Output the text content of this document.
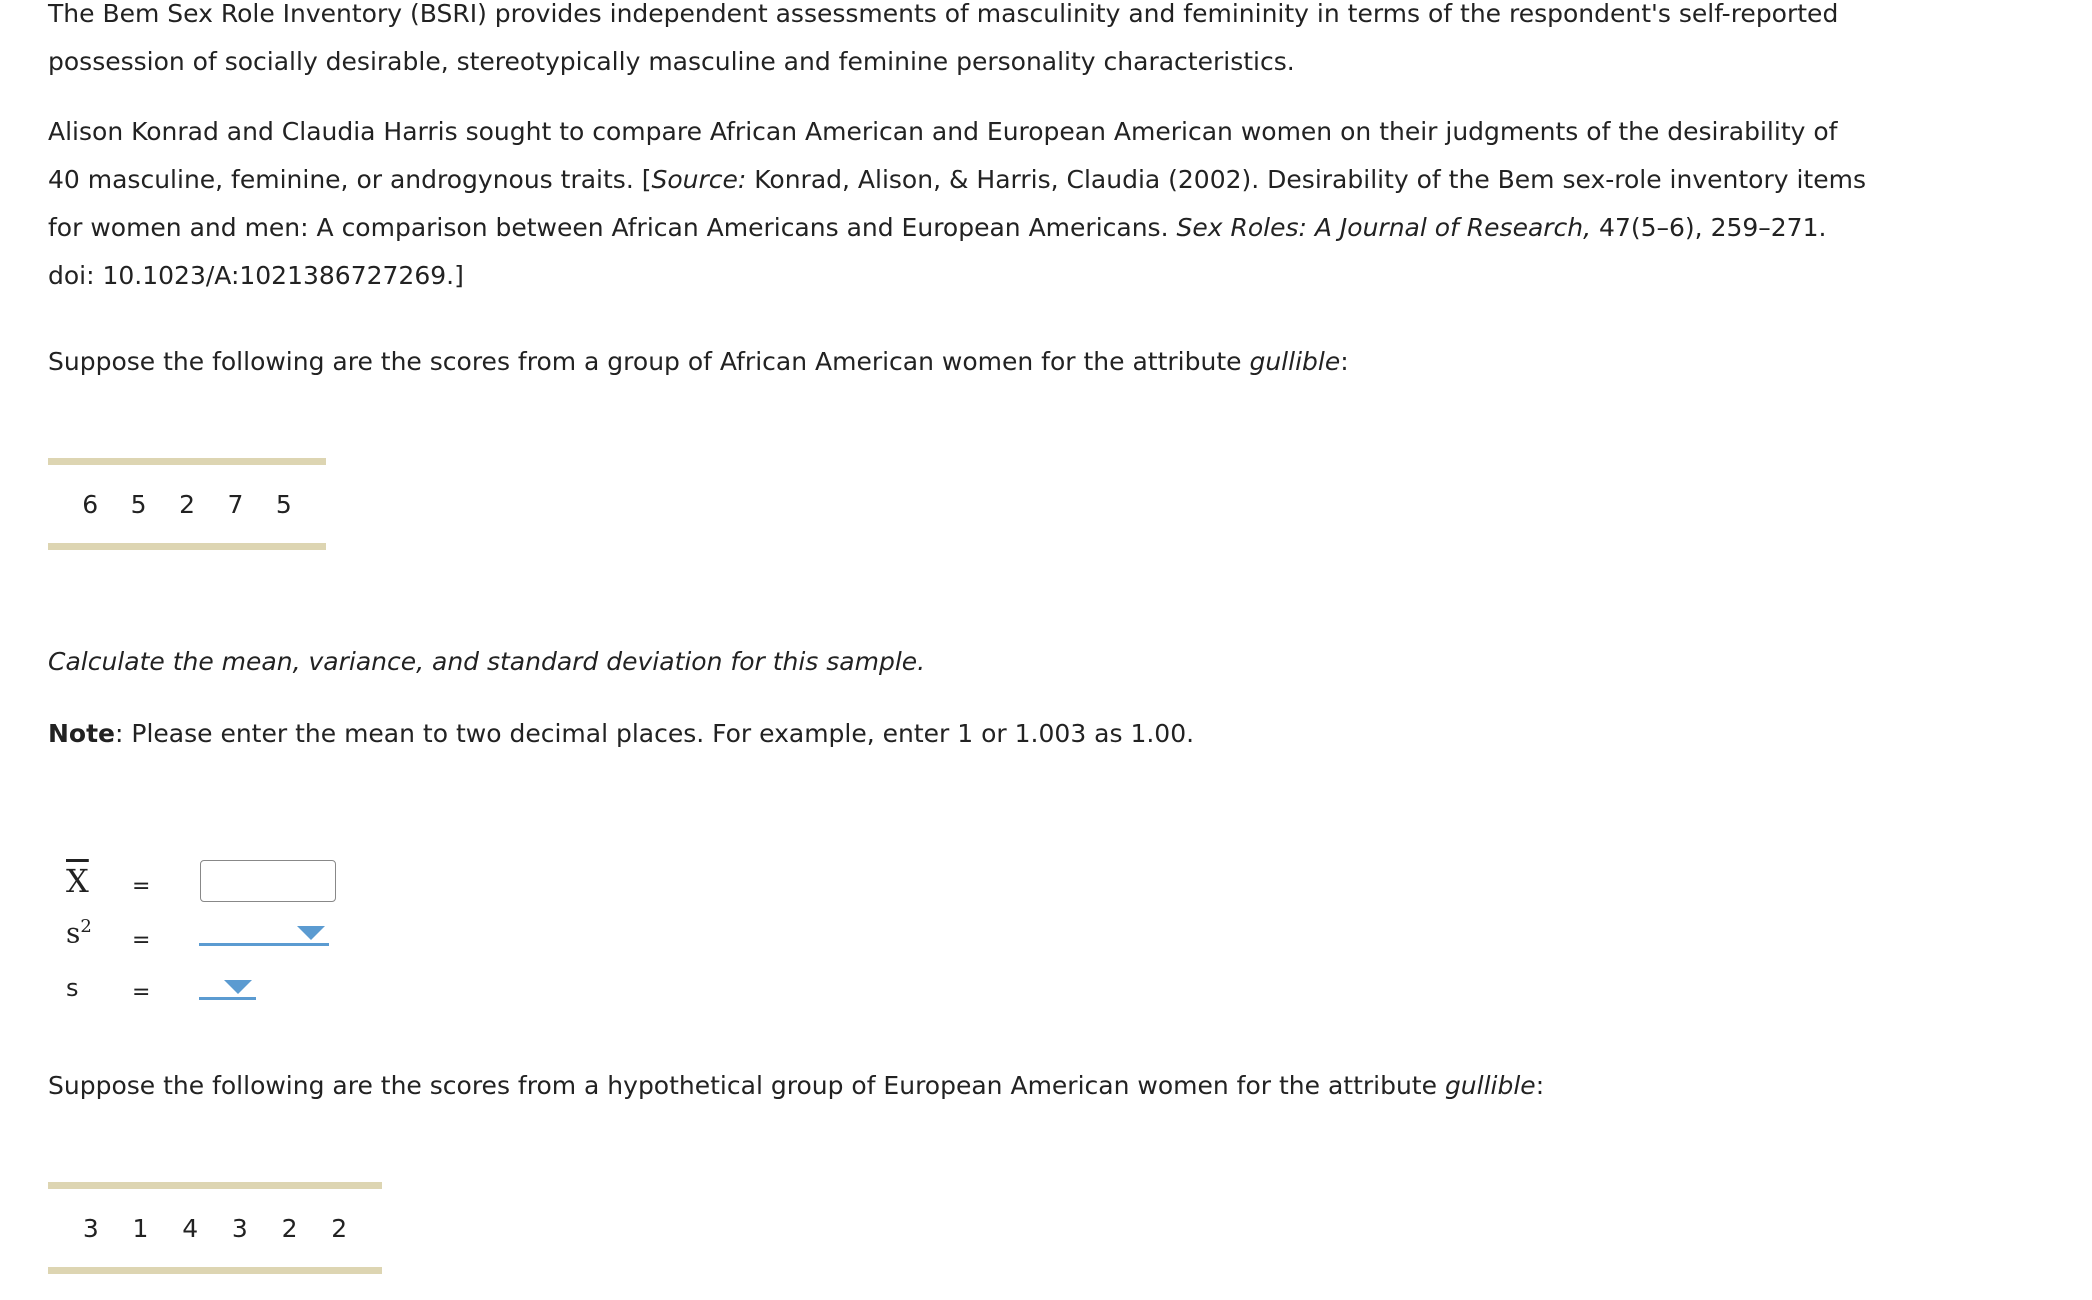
The Bem Sex Role Inventory (BSRI) provides independent assessments of masculinity and femininity in terms of the respondent's self-reported possession of socially desirable, stereotypically masculine and feminine personality characteristics.

Alison Konrad and Claudia Harris sought to compare African American and European American women on their judgments of the desirability of 40 masculine, feminine, or androgynous traits. [Source: Konrad, Alison, & Harris, Claudia (2002). Desirability of the Bem sex-role inventory items for women and men: A comparison between African Americans and European Americans. Sex Roles: A Journal of Research, 47(5–6), 259–271. doi: 10.1023/A:1021386727269.]

Suppose the following are the scores from a group of African American women for the attribute gullible:

Calculate the mean, variance, and standard deviation for this sample.

Note: Please enter the mean to two decimal places. For example, enter 1 or 1.003 as 1.00.

Suppose the following are the scores from a hypothetical group of European American women for the attribute gullible:

6	5	2	7	5
$\overline{X}$ =
$s^2$
=
s =
3	1	4	3	2	2
